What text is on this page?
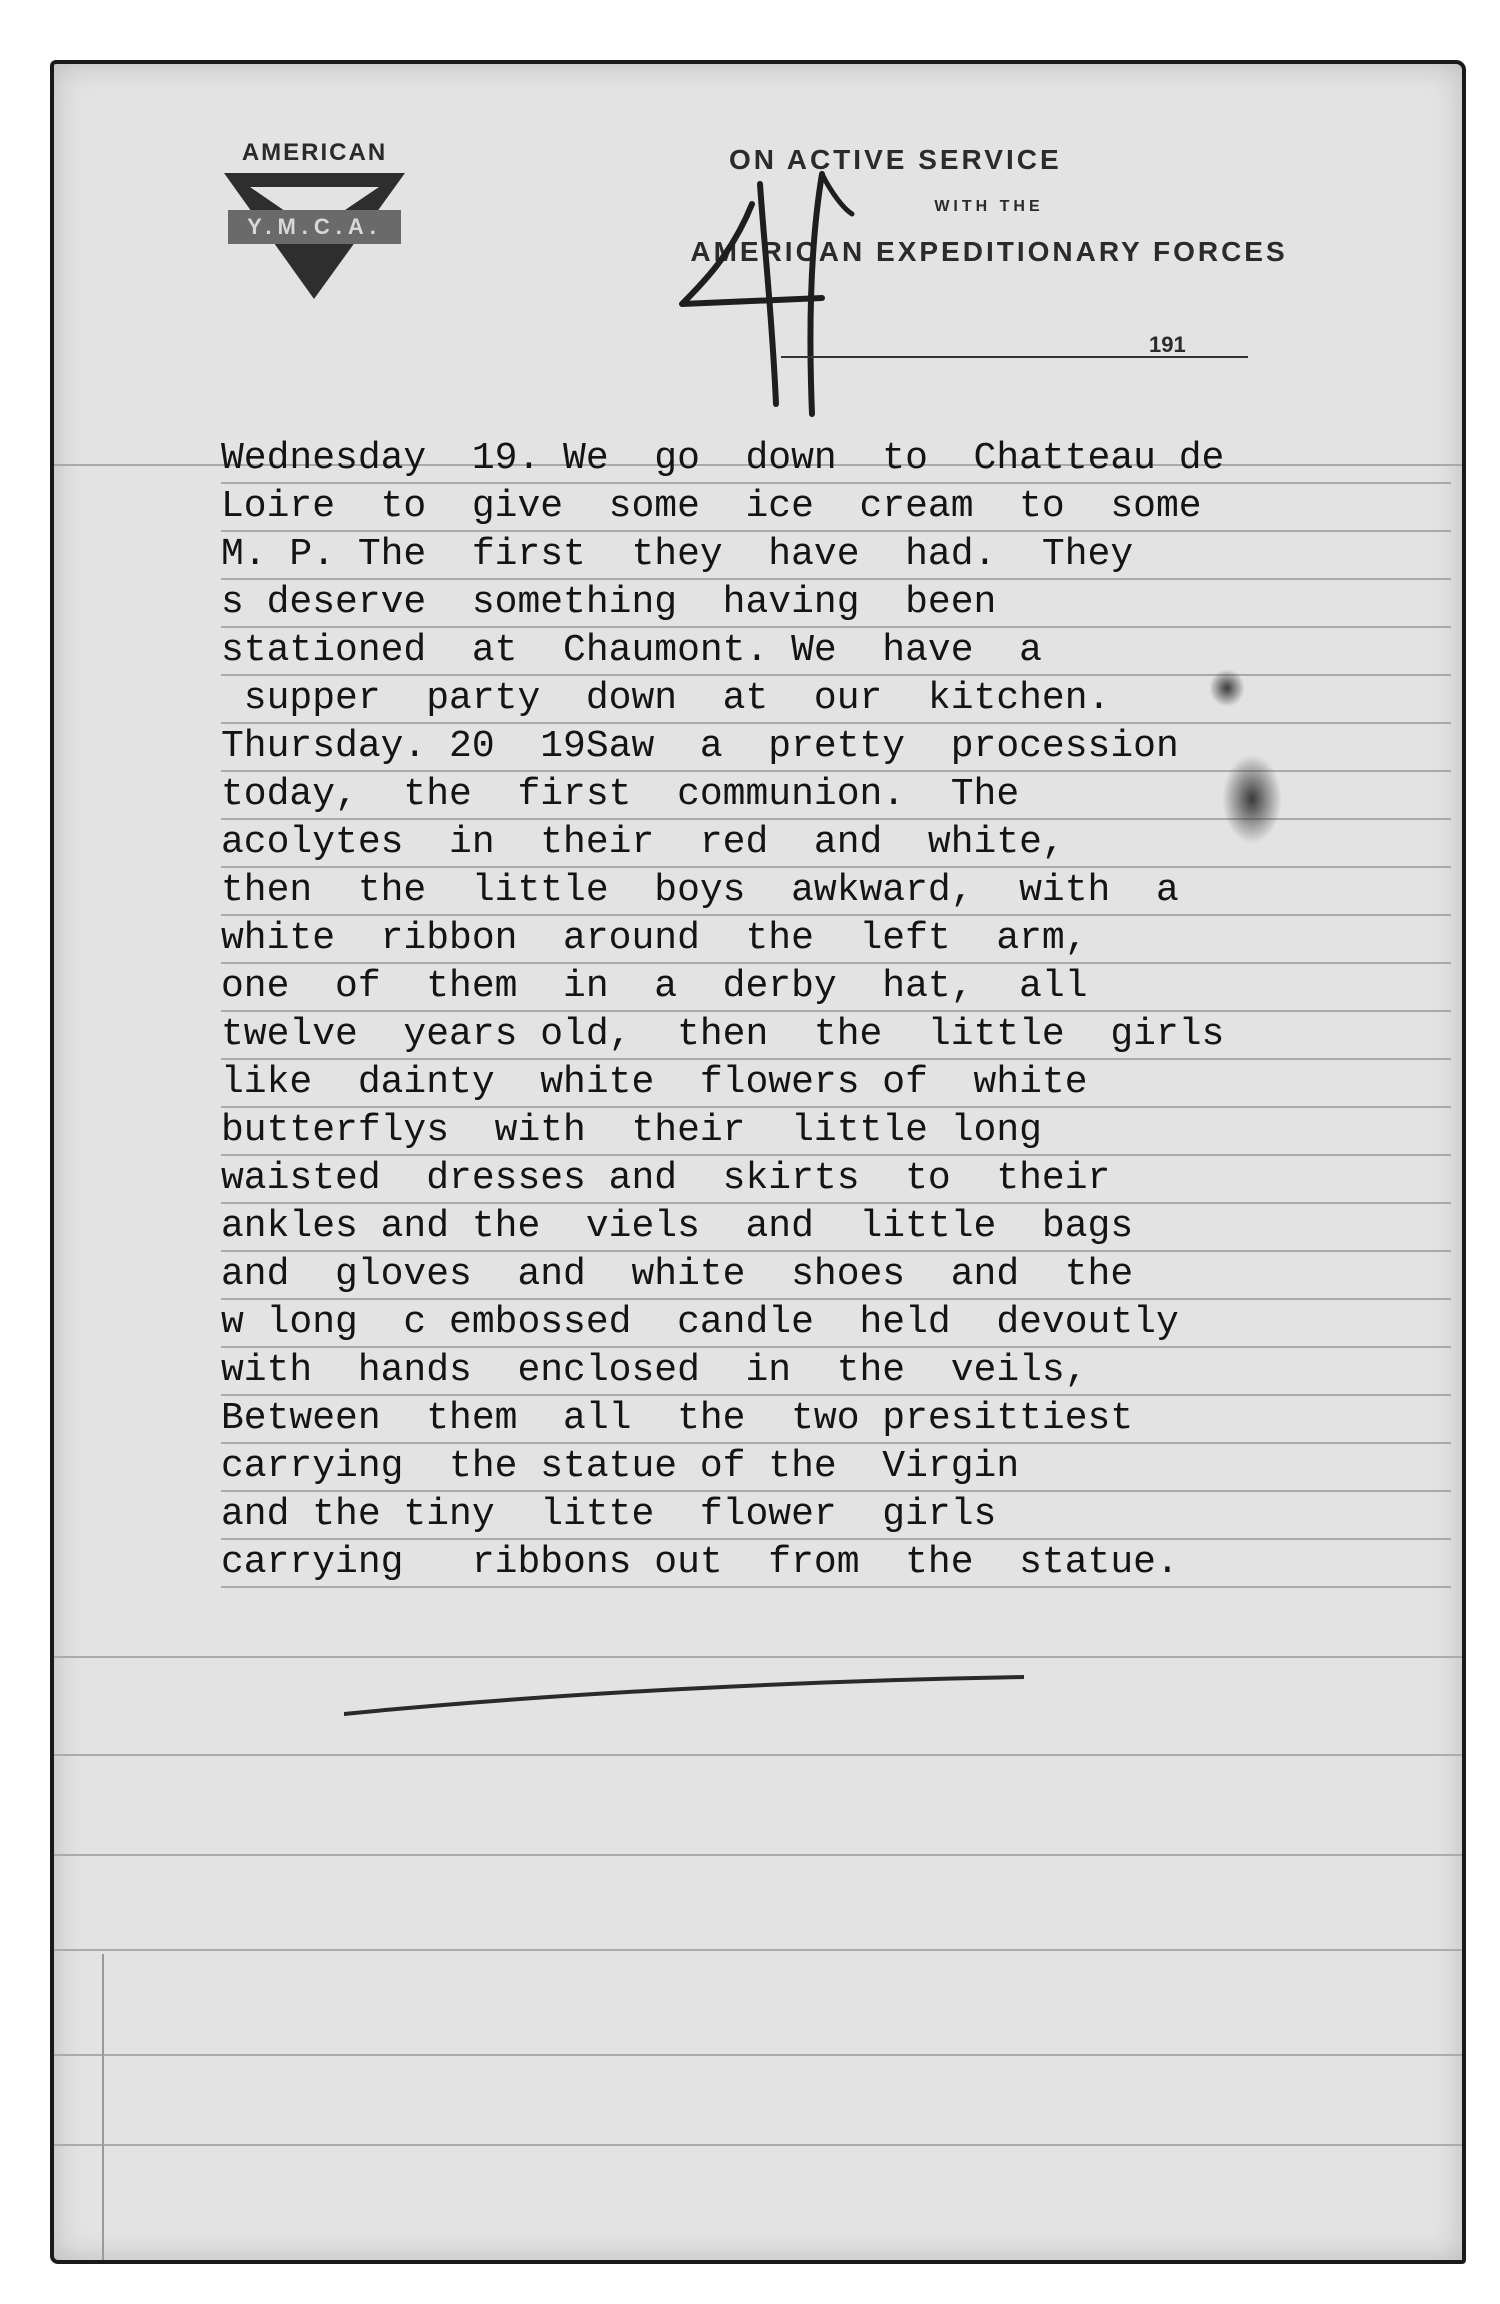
AMERICAN
Y.M.C.A.
ON ACTIVE SERVICE
WITH THE
AMERICAN EXPEDITIONARY FORCES
191
Wednesday  19. We  go  down  to  Chatteau de
Loire  to  give  some  ice  cream  to  some
M. P. The  first  they  have  had.  They
s deserve  something  having  been
stationed  at  Chaumont. We  have  a
supper  party  down  at  our  kitchen.
Thursday. 20  19Saw  a  pretty  procession
today,  the  first  communion.  The
acolytes  in  their  red  and  white,
then  the  little  boys  awkward,  with  a
white  ribbon  around  the  left  arm,
one  of  them  in  a  derby  hat,  all
twelve  years old,  then  the  little  girls
like  dainty  white  flowers of  white
butterflys  with  their  little long
waisted  dresses and  skirts  to  their
ankles and the  viels  and  little  bags
and  gloves  and  white  shoes  and  the
w long  c embossed  candle  held  devoutly
with  hands  enclosed  in  the  veils,
Between  them  all  the  two presittiest
carrying  the statue of the  Virgin
and the tiny  litte  flower  girls
carrying   ribbons out  from  the  statue.
